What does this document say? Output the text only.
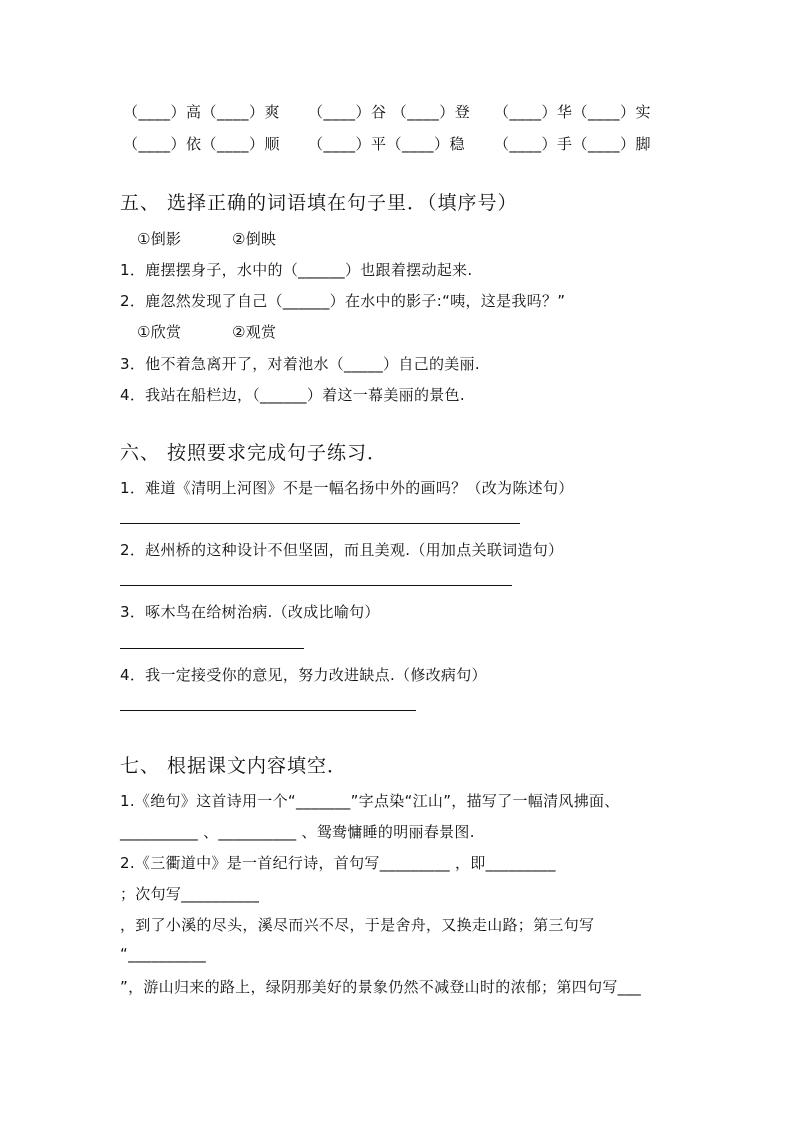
（____）高（____）爽 （____）谷 （____）登 （____）华（____）实
（____）依（____）顺 （____）平（____）稳 （____）手（____）脚
五、 选择正确的词语填在句子里．（填序号）
①倒影	②倒映
1．鹿摆摆身子，水中的（______）也跟着摆动起来.
2．鹿忽然发现了自己（______）在水中的影子:“咦，这是我吗？”
①欣赏	②观赏
3．他不着急离开了，对着池水（_____）自己的美丽.
4．我站在船栏边，（______）着这一幕美丽的景色.
六、 按照要求完成句子练习．
1．难道《清明上河图》不是一幅名扬中外的画吗？（改为陈述句）
2．赵州桥的这种设计不但坚固，而且美观.（用加点关联词造句）
3．啄木鸟在给树治病.（改成比喻句）
4．我一定接受你的意见，努力改进缺点.（修改病句）
七、 根据课文内容填空．
1.《绝句》这首诗用一个“_______”字点染“江山”，描写了一幅清风拂面、
__________ 、__________ 、鸳鸯慵睡的明丽春景图.
2.《三衢道中》是一首纪行诗，首句写_________ ，即_________
；次句写__________
，到了小溪的尽头，溪尽而兴不尽，于是舍舟，又换走山路；第三句写
“__________
”，游山归来的路上，绿阴那美好的景象仍然不减登山时的浓郁；第四句写___
